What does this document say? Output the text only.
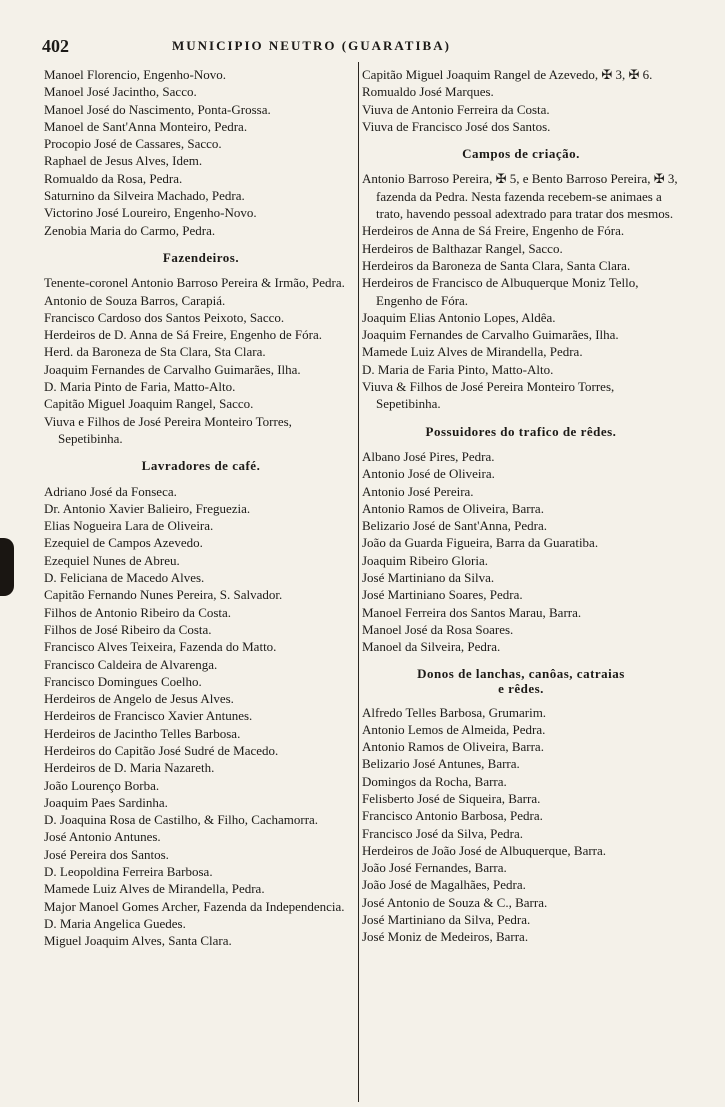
402	MUNICIPIO NEUTRO (GUARATIBA)
Manoel Florencio, Engenho-Novo.
Manoel José Jacintho, Sacco.
Manoel José do Nascimento, Ponta-Grossa.
Manoel de Sant'Anna Monteiro, Pedra.
Procopio José de Cassares, Sacco.
Raphael de Jesus Alves, Idem.
Romualdo da Rosa, Pedra.
Saturnino da Silveira Machado, Pedra.
Victorino José Loureiro, Engenho-Novo.
Zenobia Maria do Carmo, Pedra.
Fazendeiros.
Tenente-coronel Antonio Barroso Pereira & Irmão, Pedra.
Antonio de Souza Barros, Carapiá.
Francisco Cardoso dos Santos Peixoto, Sacco.
Herdeiros de D. Anna de Sá Freire, Engenho de Fóra.
Herd. da Baroneza de Sta Clara, Sta Clara.
Joaquim Fernandes de Carvalho Guimarães, Ilha.
D. Maria Pinto de Faria, Matto-Alto.
Capitão Miguel Joaquim Rangel, Sacco.
Viuva e Filhos de José Pereira Monteiro Torres, Sepetibinha.
Lavradores de café.
Adriano José da Fonseca.
Dr. Antonio Xavier Balieiro, Freguezia.
Elias Nogueira Lara de Oliveira.
Ezequiel de Campos Azevedo.
Ezequiel Nunes de Abreu.
D. Feliciana de Macedo Alves.
Capitão Fernando Nunes Pereira, S. Salvador.
Filhos de Antonio Ribeiro da Costa.
Filhos de José Ribeiro da Costa.
Francisco Alves Teixeira, Fazenda do Matto.
Francisco Caldeira de Alvarenga.
Francisco Domingues Coelho.
Herdeiros de Angelo de Jesus Alves.
Herdeiros de Francisco Xavier Antunes.
Herdeiros de Jacintho Telles Barbosa.
Herdeiros do Capitão José Sudré de Macedo.
Herdeiros de D. Maria Nazareth.
João Lourenço Borba.
Joaquim Paes Sardinha.
D. Joaquina Rosa de Castilho, & Filho, Cachamorra.
José Antonio Antunes.
José Pereira dos Santos.
D. Leopoldina Ferreira Barbosa.
Mamede Luiz Alves de Mirandella, Pedra.
Major Manoel Gomes Archer, Fazenda da Independencia.
D. Maria Angelica Guedes.
Miguel Joaquim Alves, Santa Clara.
Capitão Miguel Joaquim Rangel de Azevedo, ✠ 3, ✠ 6.
Romualdo José Marques.
Viuva de Antonio Ferreira da Costa.
Viuva de Francisco José dos Santos.
Campos de criação.
Antonio Barroso Pereira, ✠ 5, e Bento Barroso Pereira, ✠ 3, fazenda da Pedra. Nesta fazenda recebem-se animaes a trato, havendo pessoal adextrado para tratar dos mesmos.
Herdeiros de Anna de Sá Freire, Engenho de Fóra.
Herdeiros de Balthazar Rangel, Sacco.
Herdeiros da Baroneza de Santa Clara, Santa Clara.
Herdeiros de Francisco de Albuquerque Moniz Tello, Engenho de Fóra.
Joaquim Elias Antonio Lopes, Aldêa.
Joaquim Fernandes de Carvalho Guimarães, Ilha.
Mamede Luiz Alves de Mirandella, Pedra.
D. Maria de Faria Pinto, Matto-Alto.
Viuva & Filhos de José Pereira Monteiro Torres, Sepetibinha.
Possuidores do trafico de rêdes.
Albano José Pires, Pedra.
Antonio José de Oliveira.
Antonio José Pereira.
Antonio Ramos de Oliveira, Barra.
Belizario José de Sant'Anna, Pedra.
João da Guarda Figueira, Barra da Guaratiba.
Joaquim Ribeiro Gloria.
José Martiniano da Silva.
José Martiniano Soares, Pedra.
Manoel Ferreira dos Santos Marau, Barra.
Manoel José da Rosa Soares.
Manoel da Silveira, Pedra.
Donos de lanchas, canôas, catraias
e rêdes.
Alfredo Telles Barbosa, Grumarim.
Antonio Lemos de Almeida, Pedra.
Antonio Ramos de Oliveira, Barra.
Belizario José Antunes, Barra.
Domingos da Rocha, Barra.
Felisberto José de Siqueira, Barra.
Francisco Antonio Barbosa, Pedra.
Francisco José da Silva, Pedra.
Herdeiros de João José de Albuquerque, Barra.
João José Fernandes, Barra.
João José de Magalhães, Pedra.
José Antonio de Souza & C., Barra.
José Martiniano da Silva, Pedra.
José Moniz de Medeiros, Barra.
